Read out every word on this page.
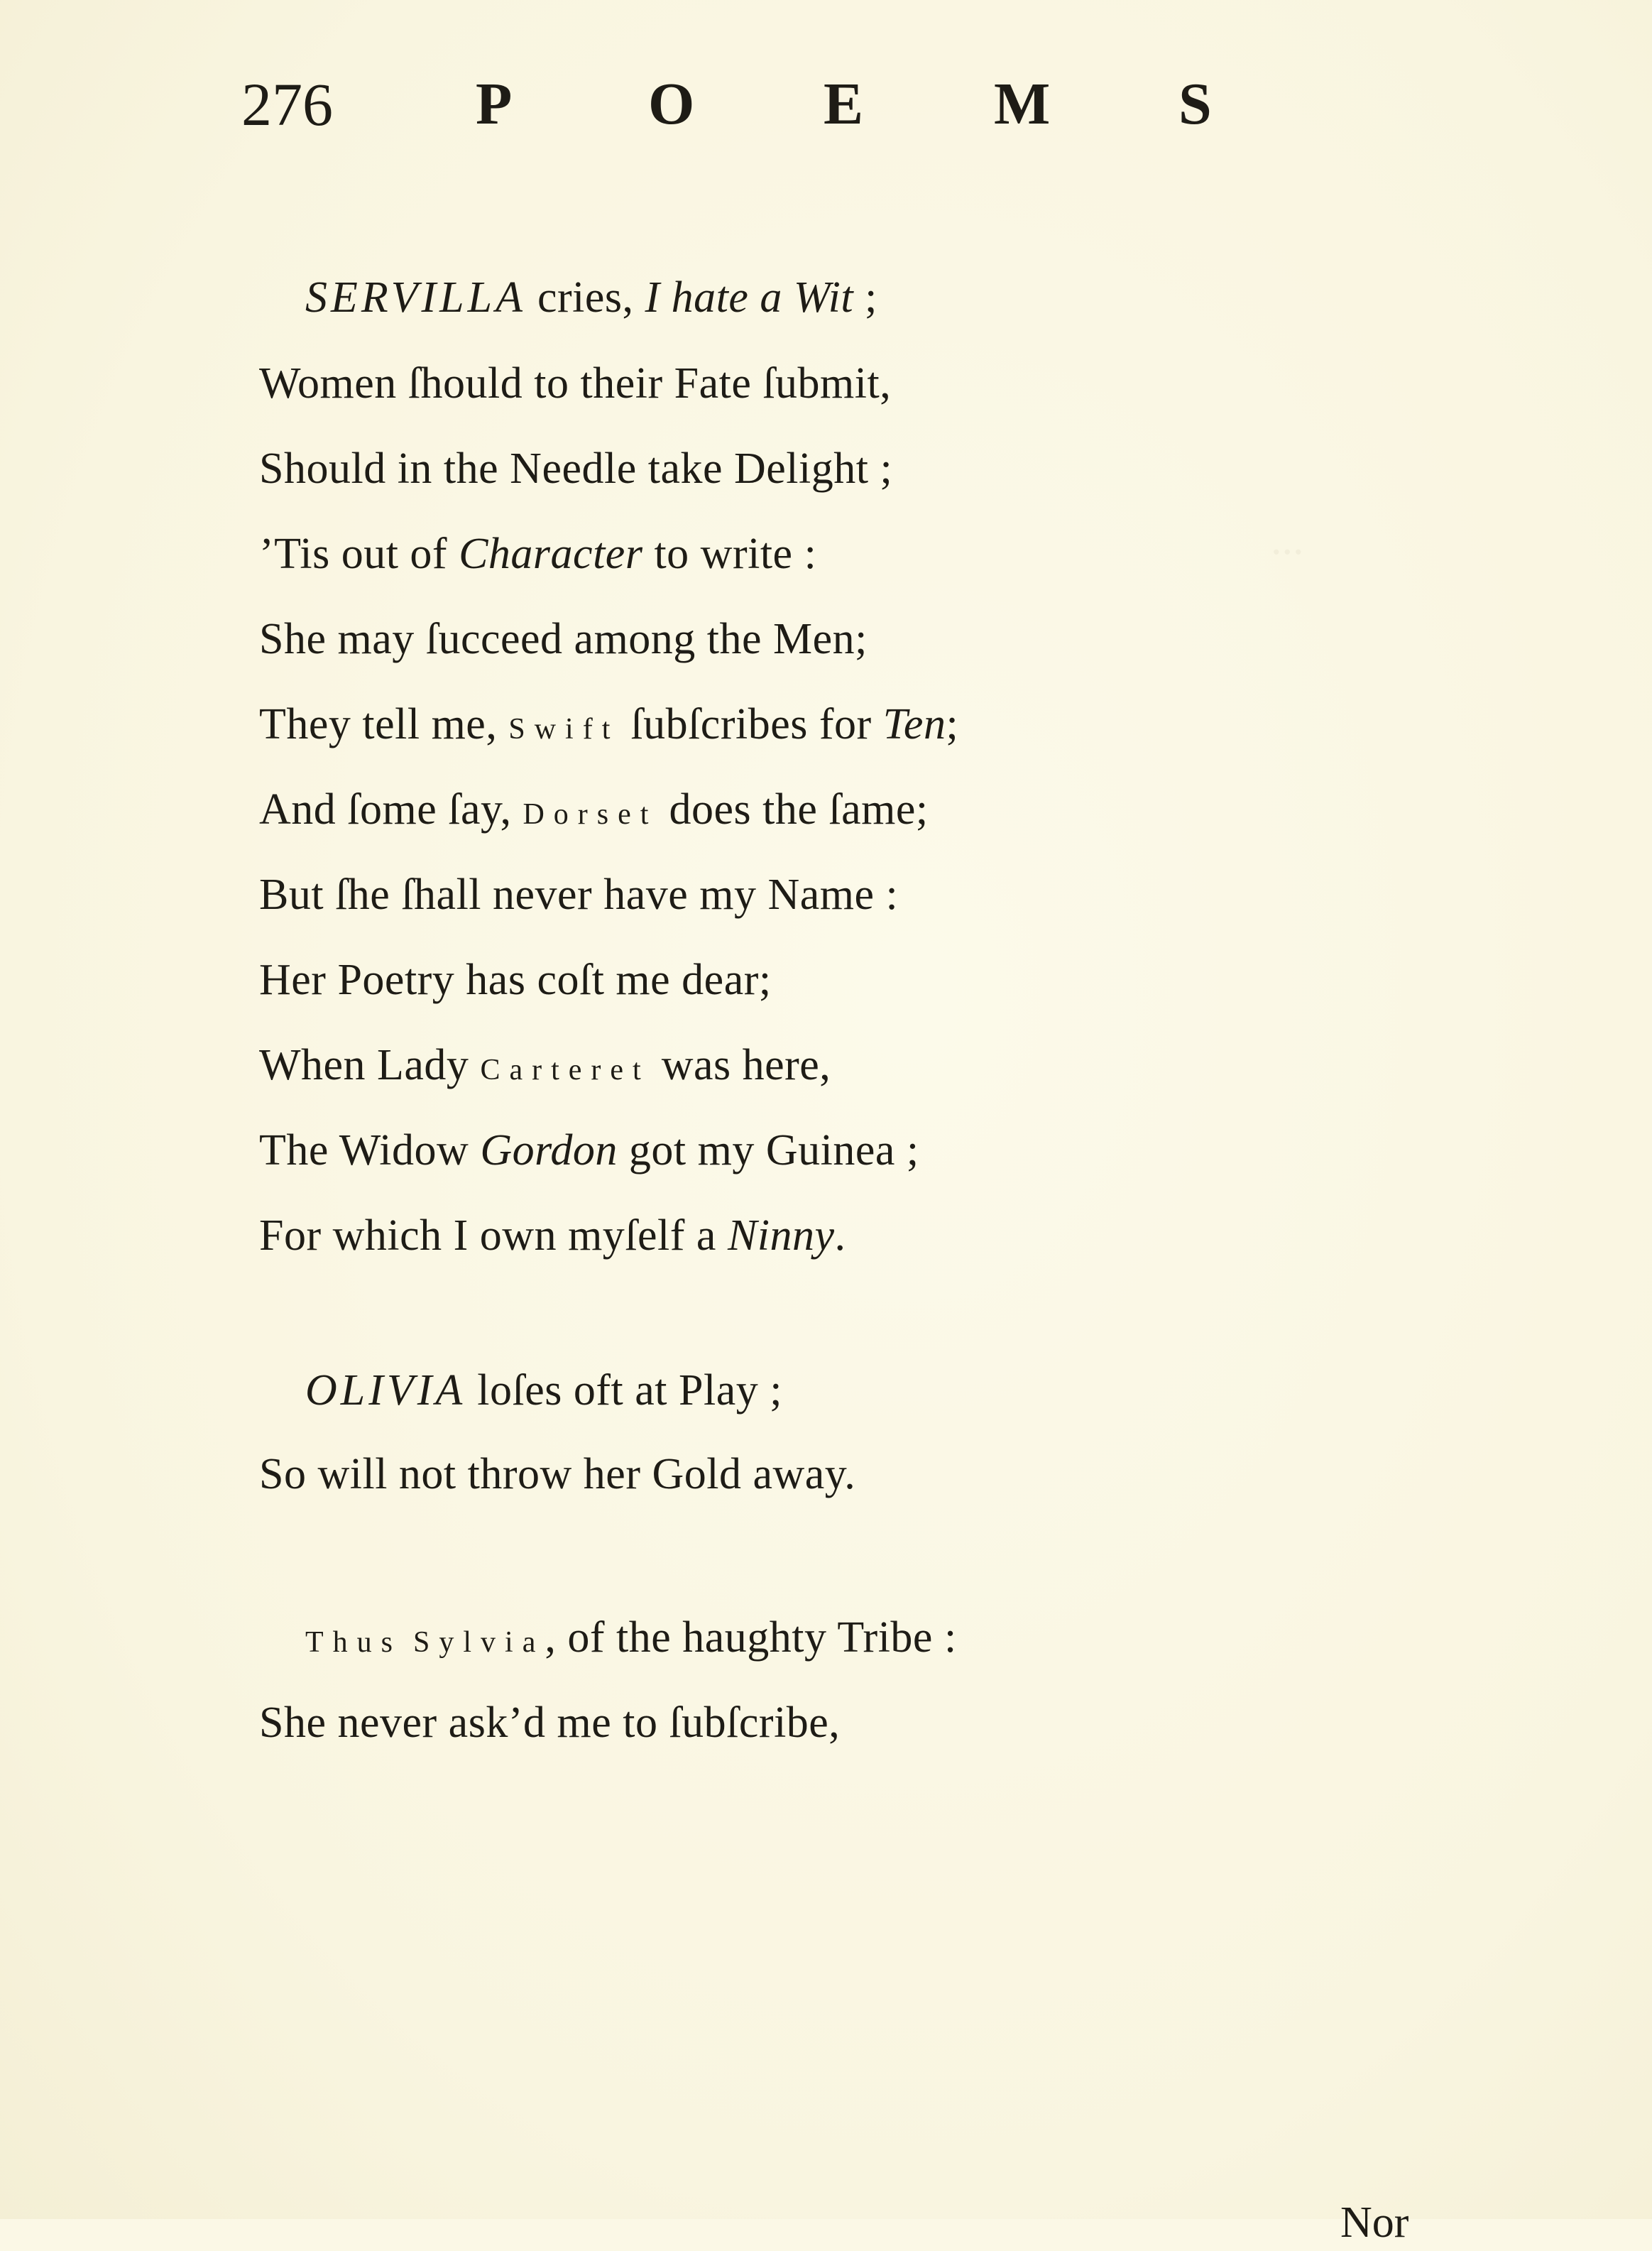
...
276 P O E M S
SERVILLA cries, I hate a Wit ;
Women ſhould to their Fate ſubmit,
Should in the Needle take Delight ;
’Tis out of Character to write :
She may ſucceed among the Men;
They tell me, Swift ſubſcribes for Ten;
And ſome ſay, Dorset does the ſame;
But ſhe ſhall never have my Name :
Her Poetry has coſt me dear;
When Lady Carteret was here,
The Widow Gordon got my Guinea ;
For which I own myſelf a Ninny.
OLIVIA loſes oft at Play ;
So will not throw her Gold away.
Thus Sylvia, of the haughty Tribe :
She never ask’d me to ſubſcribe,
Nor
